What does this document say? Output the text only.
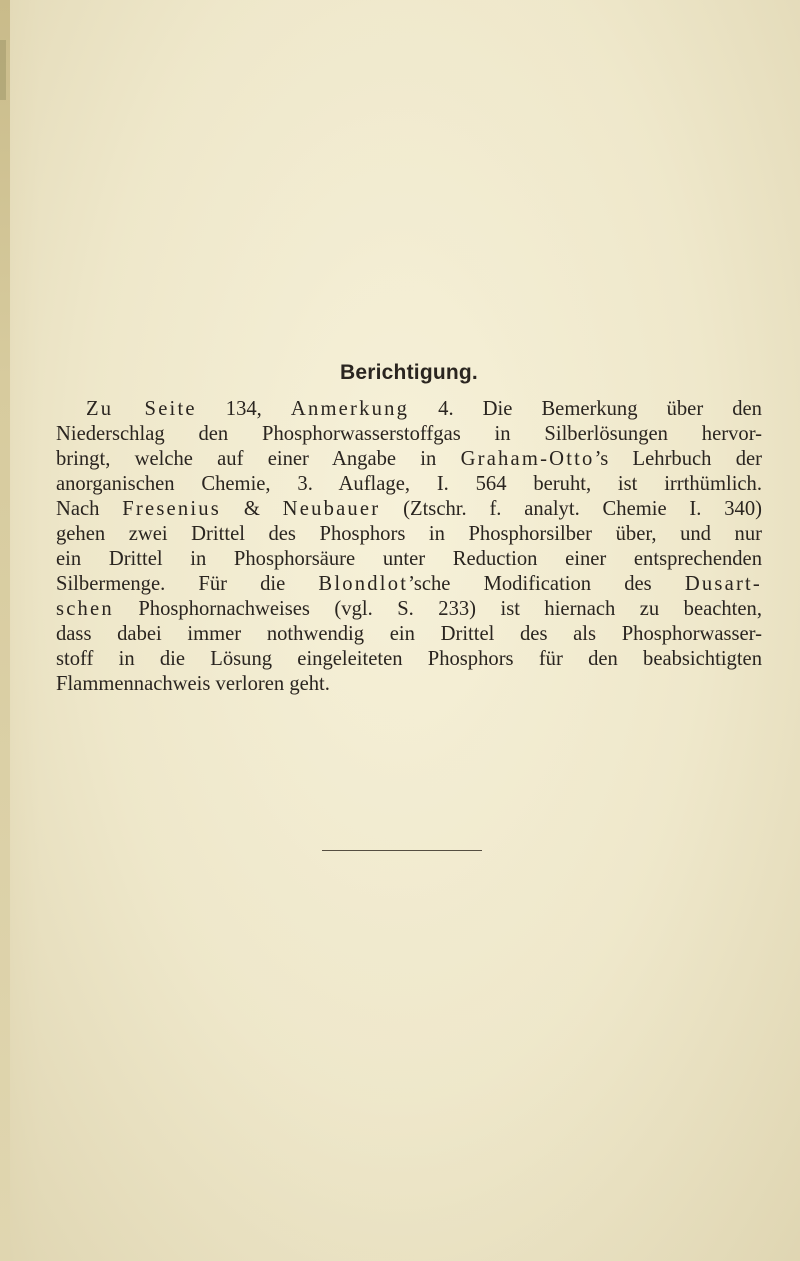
Berichtigung.

Zu Seite 134, Anmerkung 4. Die Bemerkung über den
Niederschlag den Phosphorwasserstoffgas in Silberlösungen hervor-
bringt, welche auf einer Angabe in Graham-Otto’s Lehrbuch der
anorganischen Chemie, 3. Auflage, I. 564 beruht, ist irrthümlich.
Nach Fresenius & Neubauer (Ztschr. f. analyt. Chemie I. 340)
gehen zwei Drittel des Phosphors in Phosphorsilber über, und nur
ein Drittel in Phosphorsäure unter Reduction einer entsprechenden
Silbermenge. Für die Blondlot’sche Modification des Dusart-
schen Phosphornachweises (vgl. S. 233) ist hiernach zu beachten,
dass dabei immer nothwendig ein Drittel des als Phosphorwasser-
stoff in die Lösung eingeleiteten Phosphors für den beabsichtigten
Flammennachweis verloren geht.
